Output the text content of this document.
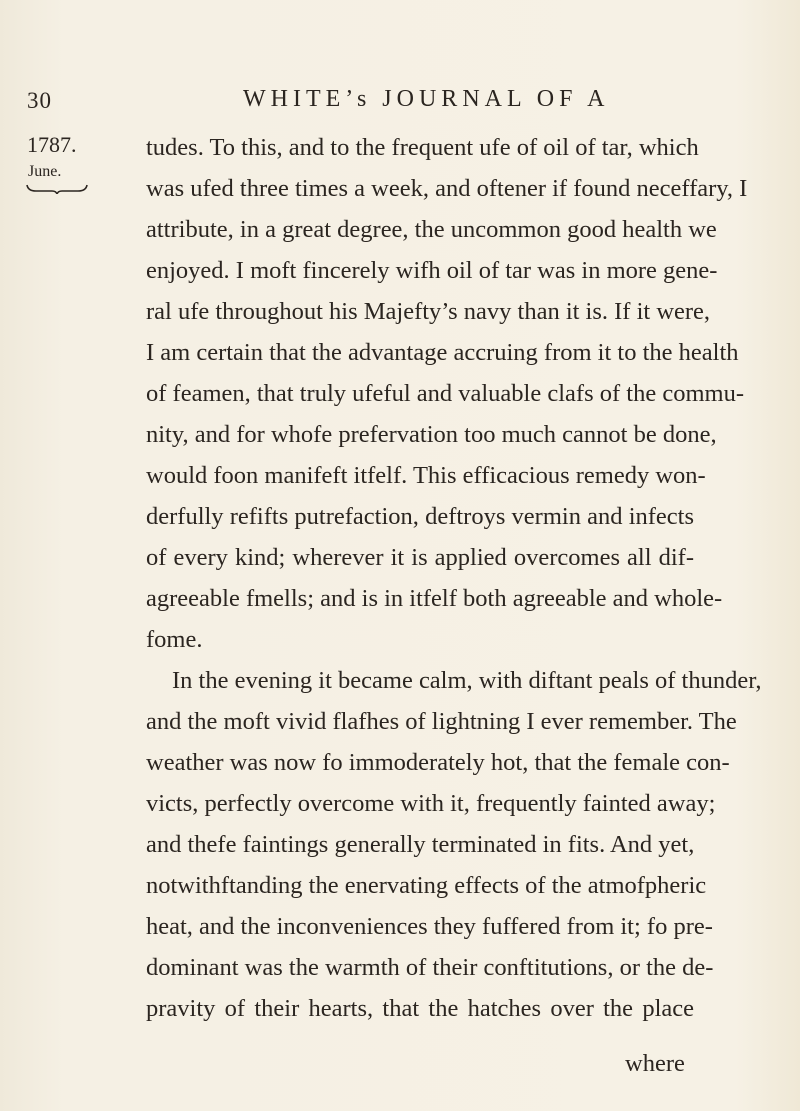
30	WHITE’s JOURNAL OF A
1787.
June.
tudes. To this, and to the frequent ufe of oil of tar, which
was ufed three times a week, and oftener if found neceffary, I
attribute, in a great degree, the uncommon good health we
enjoyed. I moft fincerely wifh oil of tar was in more gene-
ral ufe throughout his Majefty’s navy than it is. If it were,
I am certain that the advantage accruing from it to the health
of feamen, that truly ufeful and valuable clafs of the commu-
nity, and for whofe prefervation too much cannot be done,
would foon manifeft itfelf. This efficacious remedy won-
derfully refifts putrefaction, deftroys vermin and infects
of every kind; wherever it is applied overcomes all dif-
agreeable fmells; and is in itfelf both agreeable and whole-
fome.
In the evening it became calm, with diftant peals of thunder,
and the moft vivid flafhes of lightning I ever remember. The
weather was now fo immoderately hot, that the female con-
victs, perfectly overcome with it, frequently fainted away;
and thefe faintings generally terminated in fits. And yet,
notwithftanding the enervating effects of the atmofpheric
heat, and the inconveniences they fuffered from it; fo pre-
dominant was the warmth of their conftitutions, or the de-
pravity of their hearts, that the hatches over the place
where
